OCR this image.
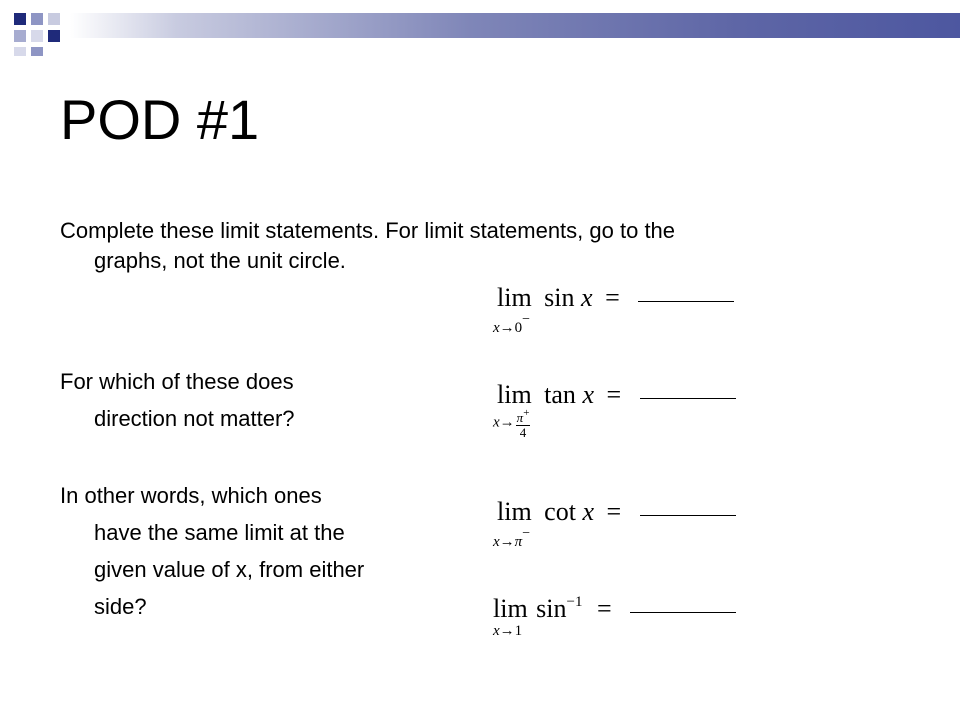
POD #1
Complete these limit statements. For limit statements, go to the
graphs, not the unit circle.
For which of these does
direction not matter?
In other words, which ones
have the same limit at the
given value of x, from either
side?
lim
x→0−
sin x =
lim
$x\to \frac{\pi^+}{4}$
tan x =
lim
x→π−
cot x =
lim
x→1
$\sin^{-1}$ =
